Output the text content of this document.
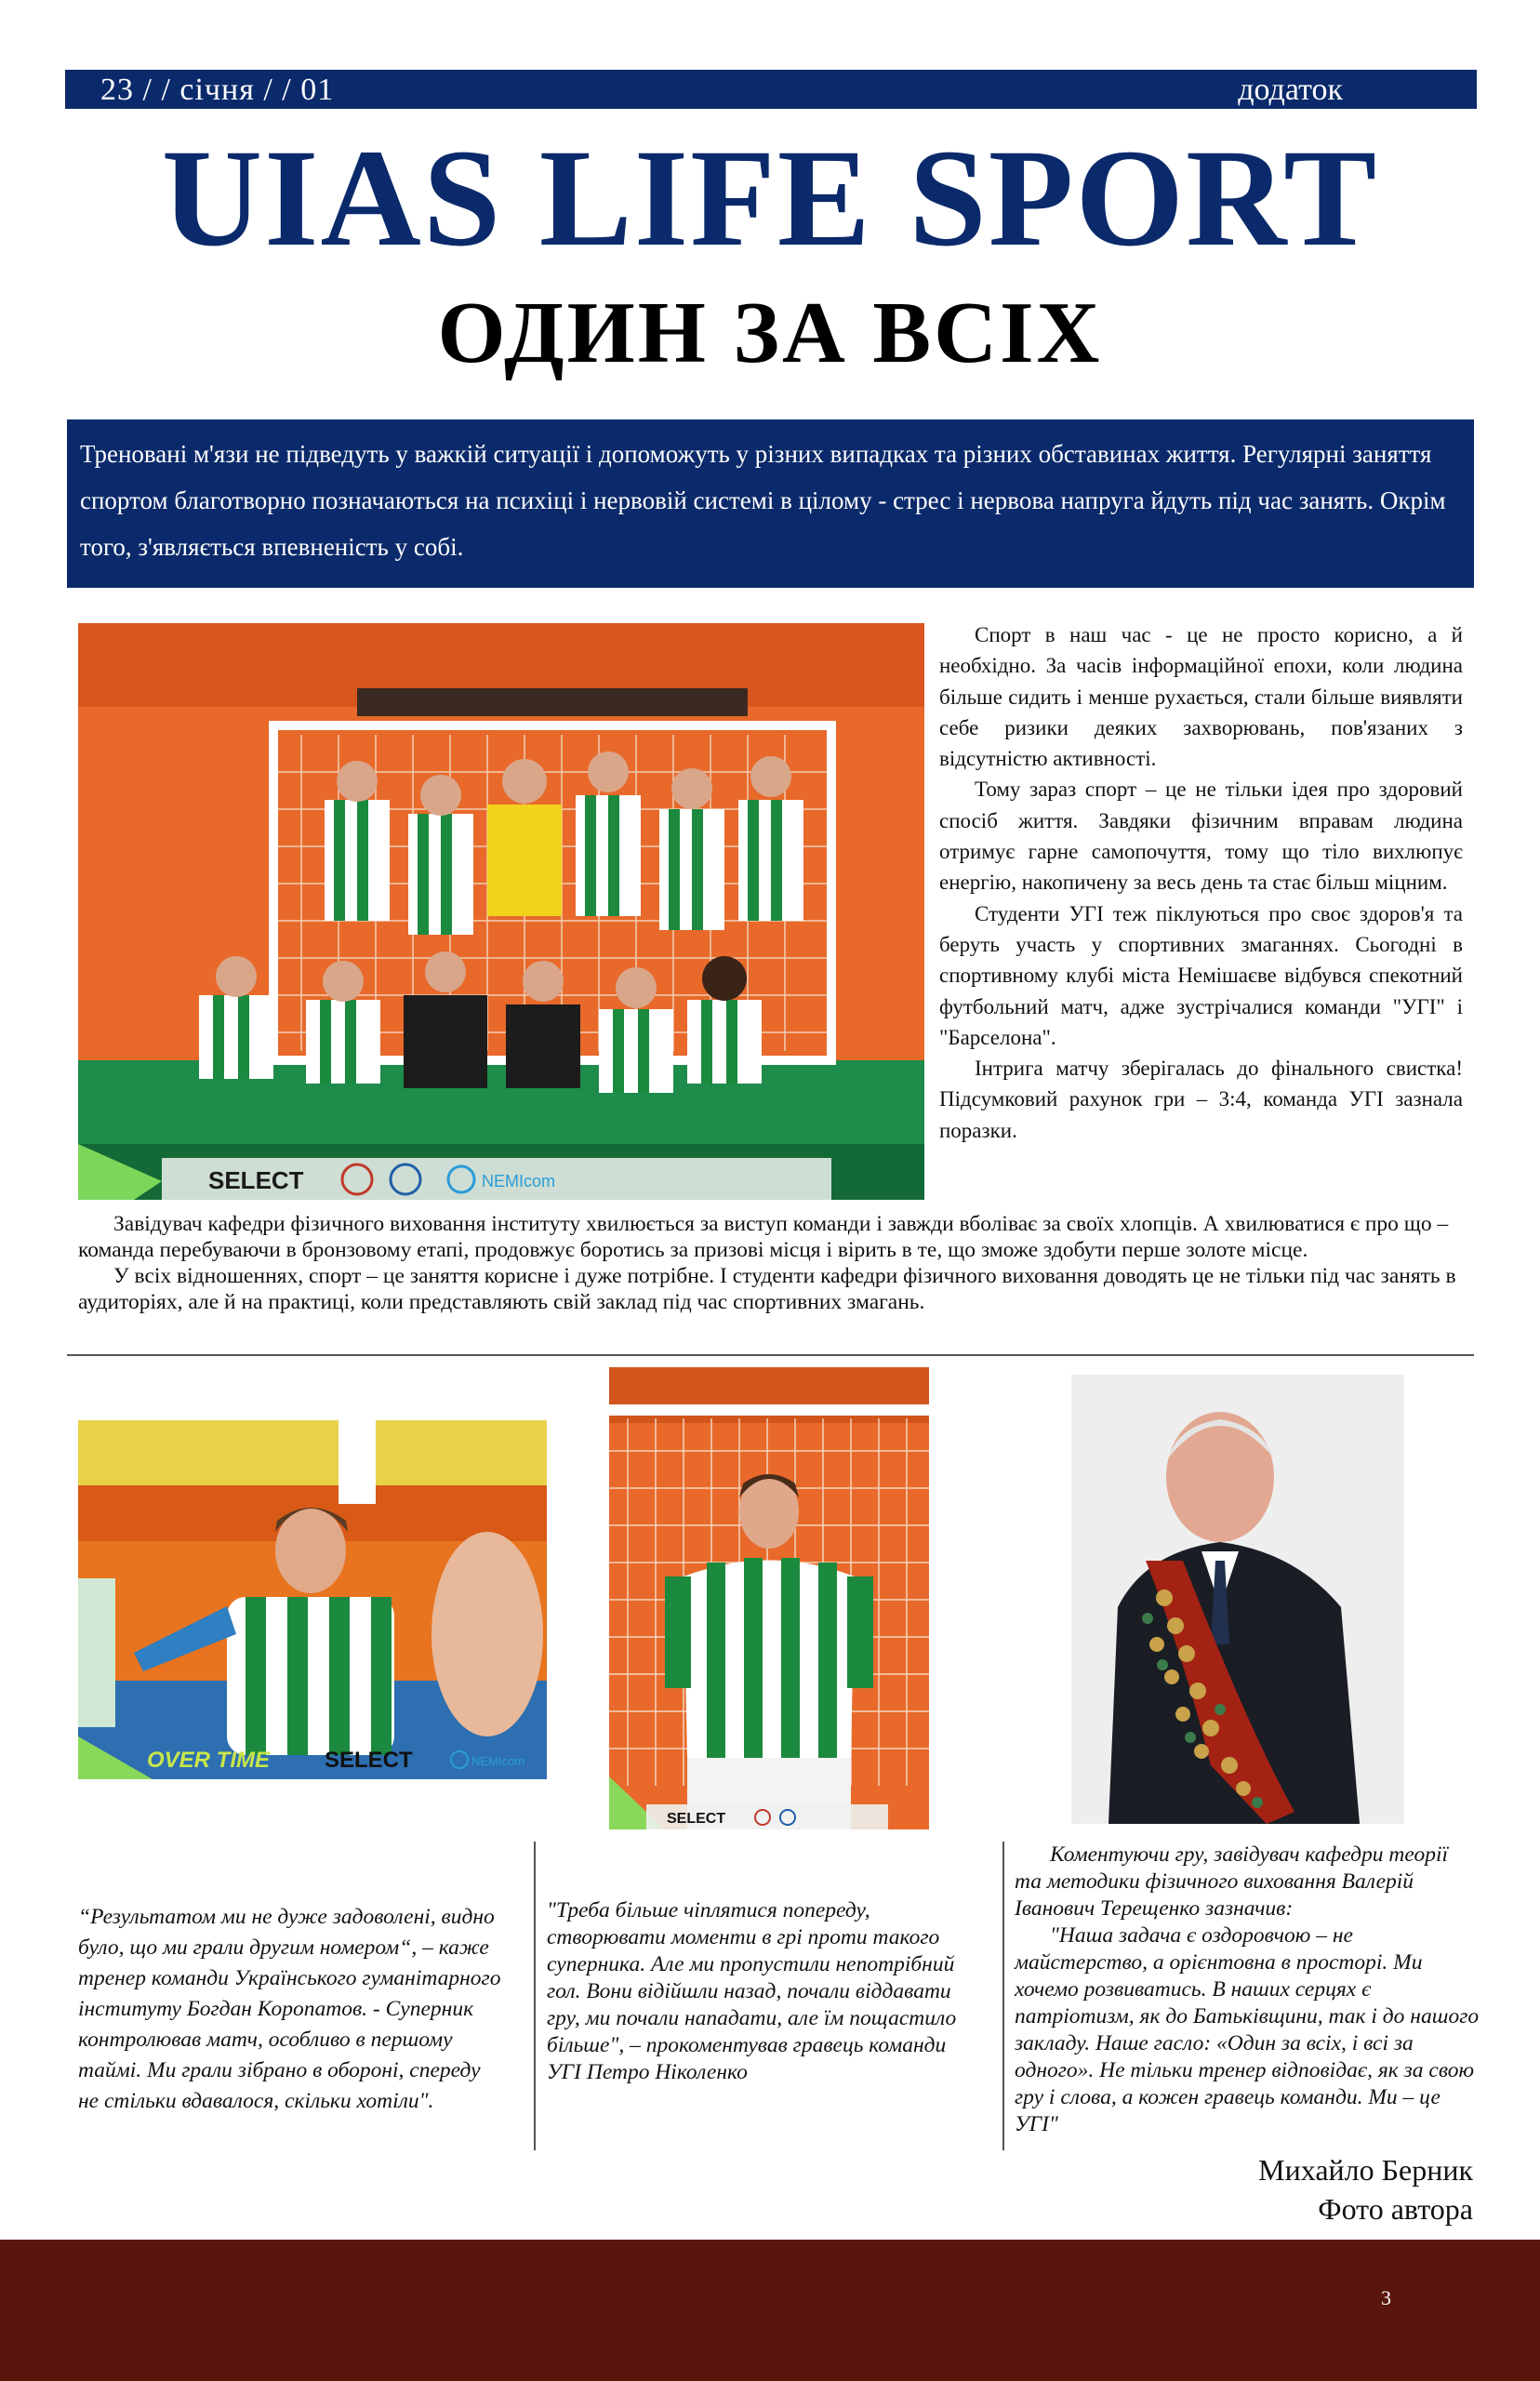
23 / / січня / / 01	додаток
UIAS LIFE SPORT
ОДИН ЗА ВСІХ
Треновані м'язи не підведуть у важкій ситуації і допоможуть у різних випадках та різних обставинах життя. Регулярні заняття спортом благотворно позначаються на психіці і нервовій системі в цілому - стрес і нервова напруга йдуть під час занять. Окрім того, з'являється впевненість у собі.
SELECT	NEMIcom

Спорт в наш час - це не просто корисно, а й необхідно. За часів інформаційної епохи, коли людина більше сидить і менше рухається, стали більше виявляти себе ризики деяких захворювань, пов'язаних з відсутністю активності.

Тому зараз спорт – це не тільки ідея про здоровий спосіб життя. Завдяки фізичним вправам людина отримує гарне самопочуття, тому що тіло вихлюпує енергію, накопичену за весь день та стає більш міцним.

Студенти УГІ теж піклуються про своє здоров'я та беруть участь у спортивних змаганнях. Сьогодні в спортивному клубі міста Немішаєве відбувся спекотний футбольний матч, адже зустрічалися команди "УГІ" і "Барселона".

Інтрига матчу зберігалась до фінального свистка! Підсумковий рахунок гри – 3:4, команда УГІ зазнала поразки.

Завідувач кафедри фізичного виховання інституту хвилюється за виступ команди і завжди вболіває за своїх хлопців. А хвилюватися є про що – команда перебуваючи в бронзовому етапі, продовжує боротись за призові місця і вірить в те, що зможе здобути перше золоте місце.

У всіх відношеннях, спорт – це заняття корисне і дуже потрібне. І студенти кафедри фізичного виховання доводять це не тільки під час занять в аудиторіях, але й на практиці, коли представляють свій заклад під час спортивних змагань.

OVER TIME SELECT	NEMIcom
SELECT
“Результатом ми не дуже задоволені, видно було, що ми грали другим номером“, – каже тренер команди Українського гуманітарного інституту Богдан Коропатов. - Суперник контролював матч, особливо в першому таймі. Ми грали зібрано в обороні, спереду не стільки вдавалося, скільки хотіли".
"Треба більше чіплятися попереду, створювати моменти в грі проти такого суперника. Але ми пропустили непотрібний гол. Вони відійшли назад, почали віддавати гру, ми почали нападати, але їм пощастило більше", – прокоментував гравець команди УГІ Петро Ніколенко

Коментуючи гру, завідувач кафедри теорії та методики фізичного виховання Валерій Іванович Терещенко зазначив:

"Наша задача є оздоровчою – не майстерство, а орієнтовна в просторі. Ми хочемо розвиватись. В наших серцях є патріотизм, як до Батьківщини, так і до нашого закладу. Наше гасло: «Один за всіх, і всі за одного». Не тільки тренер відповідає, як за свою гру і слова, а кожен гравець команди. Ми – це УГІ"

Михайло Берник
Фото автора
3
